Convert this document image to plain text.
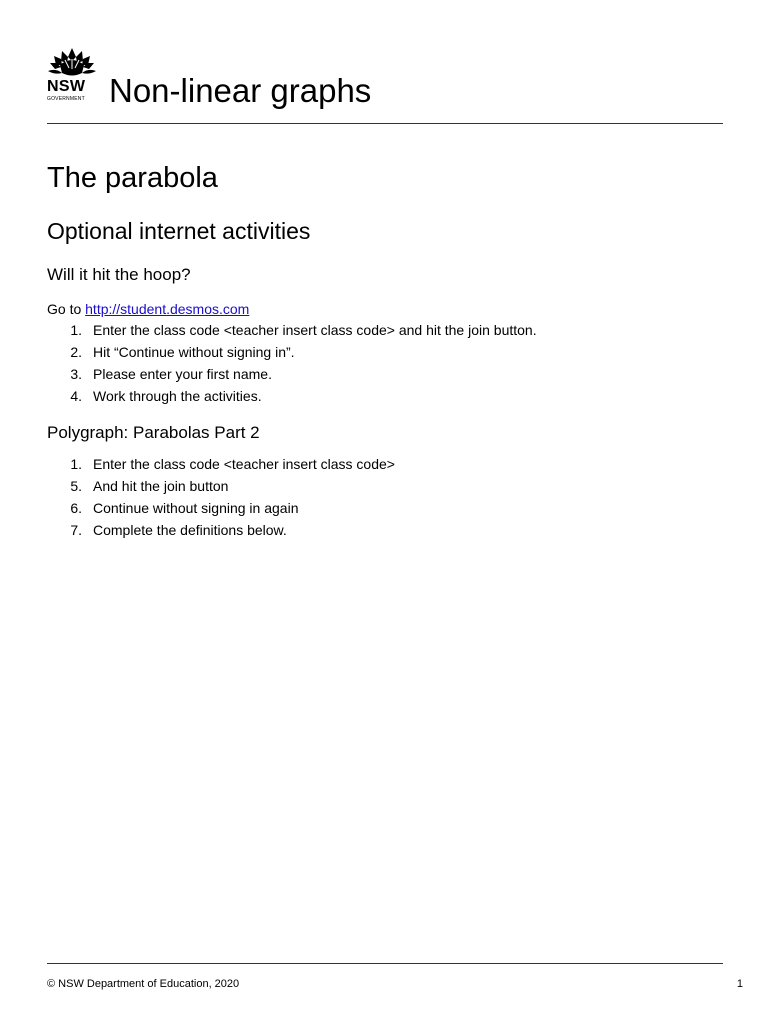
NSW
GOVERNMENT Non-linear graphs
The parabola
Optional internet activities
Will it hit the hoop?
Go to http://student.desmos.com
1. Enter the class code <teacher insert class code> and hit the join button.
2. Hit “Continue without signing in”.
3. Please enter your first name.
4. Work through the activities.
Polygraph: Parabolas Part 2
1. Enter the class code <teacher insert class code>
5. And hit the join button
6. Continue without signing in again
7. Complete the definitions below.
© NSW Department of Education, 2020	1
